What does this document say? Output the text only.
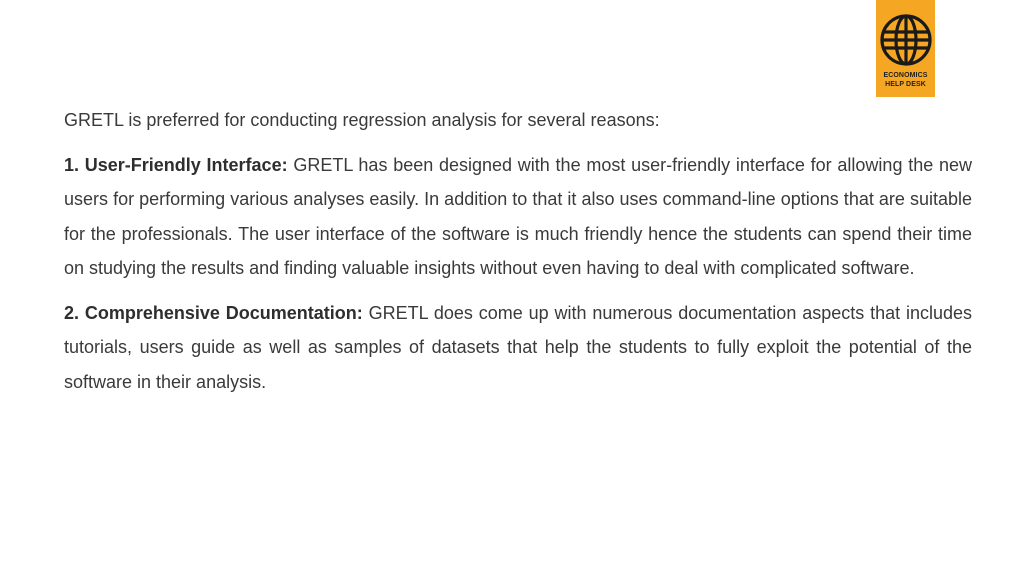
ECONOMICS
HELP DESK

GRETL is preferred for conducting regression analysis for several reasons:

1. User-Friendly Interface: GRETL has been designed with the most user-friendly interface for allowing the new users for performing various analyses easily. In addition to that it also uses command-line options that are suitable for the professionals. The user interface of the software is much friendly hence the students can spend their time on studying the results and finding valuable insights without even having to deal with complicated software.

2. Comprehensive Documentation: GRETL does come up with numerous documentation aspects that includes tutorials, users guide as well as samples of datasets that help the students to fully exploit the potential of the software in their analysis.
